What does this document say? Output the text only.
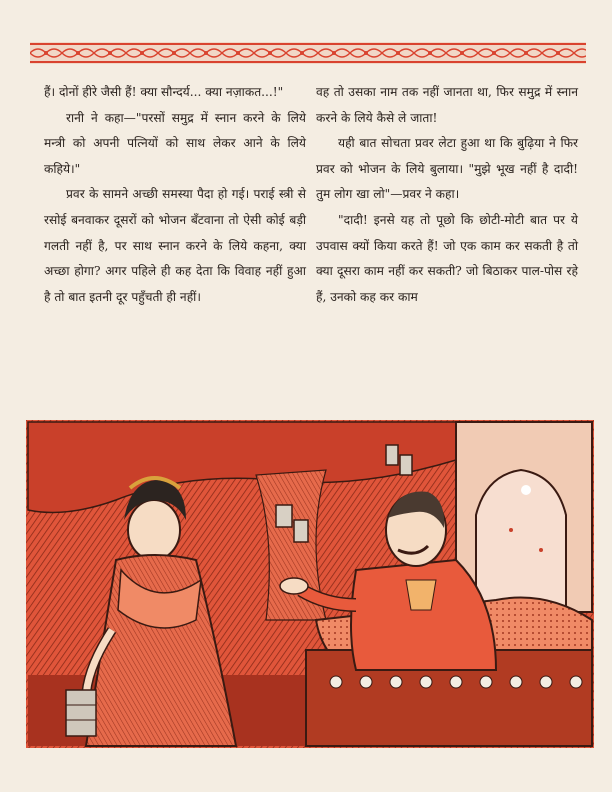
हैं। दोनों हीरे जैसी हैं! क्या सौन्दर्य... क्या नज़ाकत...!"

रानी ने कहा—"परसों समुद्र में स्नान करने के लिये मन्त्री को अपनी पत्नियों को साथ लेकर आने के लिये कहिये।"

प्रवर के सामने अच्छी समस्या पैदा हो गई। पराई स्त्री से रसोई बनवाकर दूसरों को भोजन बँटवाना तो ऐसी कोई बड़ी गलती नहीं है, पर साथ स्नान करने के लिये कहना, क्या अच्छा होगा? अगर पहिले ही कह देता कि विवाह नहीं हुआ है तो बात इतनी दूर पहुँचती ही नहीं।

वह तो उसका नाम तक नहीं जानता था, फिर समुद्र में स्नान करने के लिये कैसे ले जाता!

यही बात सोचता प्रवर लेटा हुआ था कि बुढ़िया ने फिर प्रवर को भोजन के लिये बुलाया। "मुझे भूख नहीं है दादी! तुम लोग खा लो"—प्रवर ने कहा।

"दादी! इनसे यह तो पूछो कि छोटी-मोटी बात पर ये उपवास क्यों किया करते हैं! जो एक काम कर सकती है तो क्या दूसरा काम नहीं कर सकती? जो बिठाकर पाल-पोस रहे हैं, उनको कह कर काम
